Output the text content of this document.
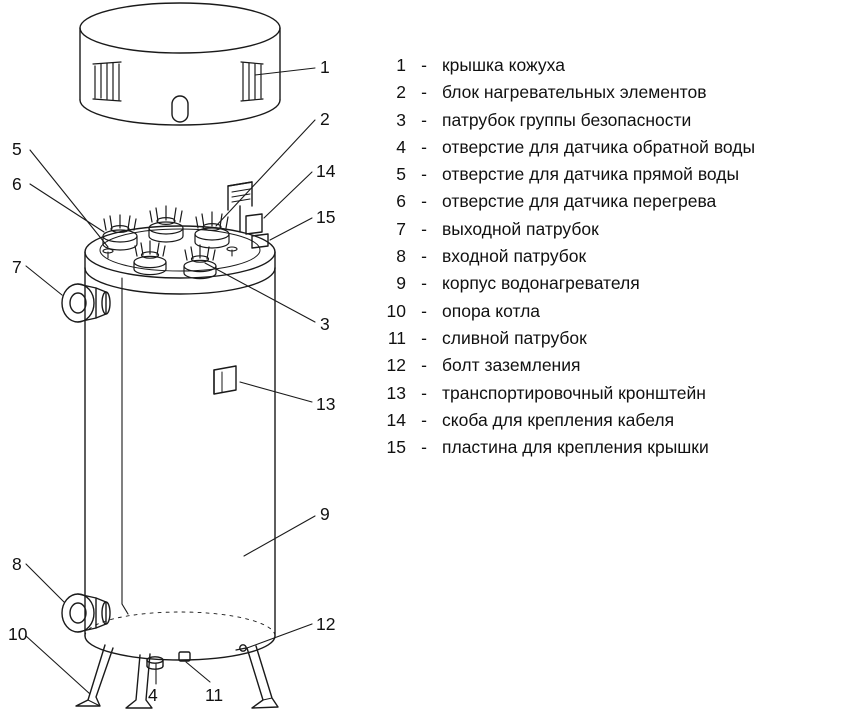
1
2
5
6
14
15
7
3
13
9
8
10	12
4	11
1 - крышка кожуха
2 - блок нагревательных элементов
3 - патрубок группы безопасности
4 - отверстие для датчика обратной воды
5 - отверстие для датчика прямой воды
6 - отверстие для датчика перегрева
7 - выходной патрубок
8 - входной патрубок
9 - корпус водонагревателя
10 - опора котла
11 - сливной патрубок
12 - болт заземления
13 - транспортировочный кронштейн
14 - скоба для крепления кабеля
15 - пластина для крепления крышки
